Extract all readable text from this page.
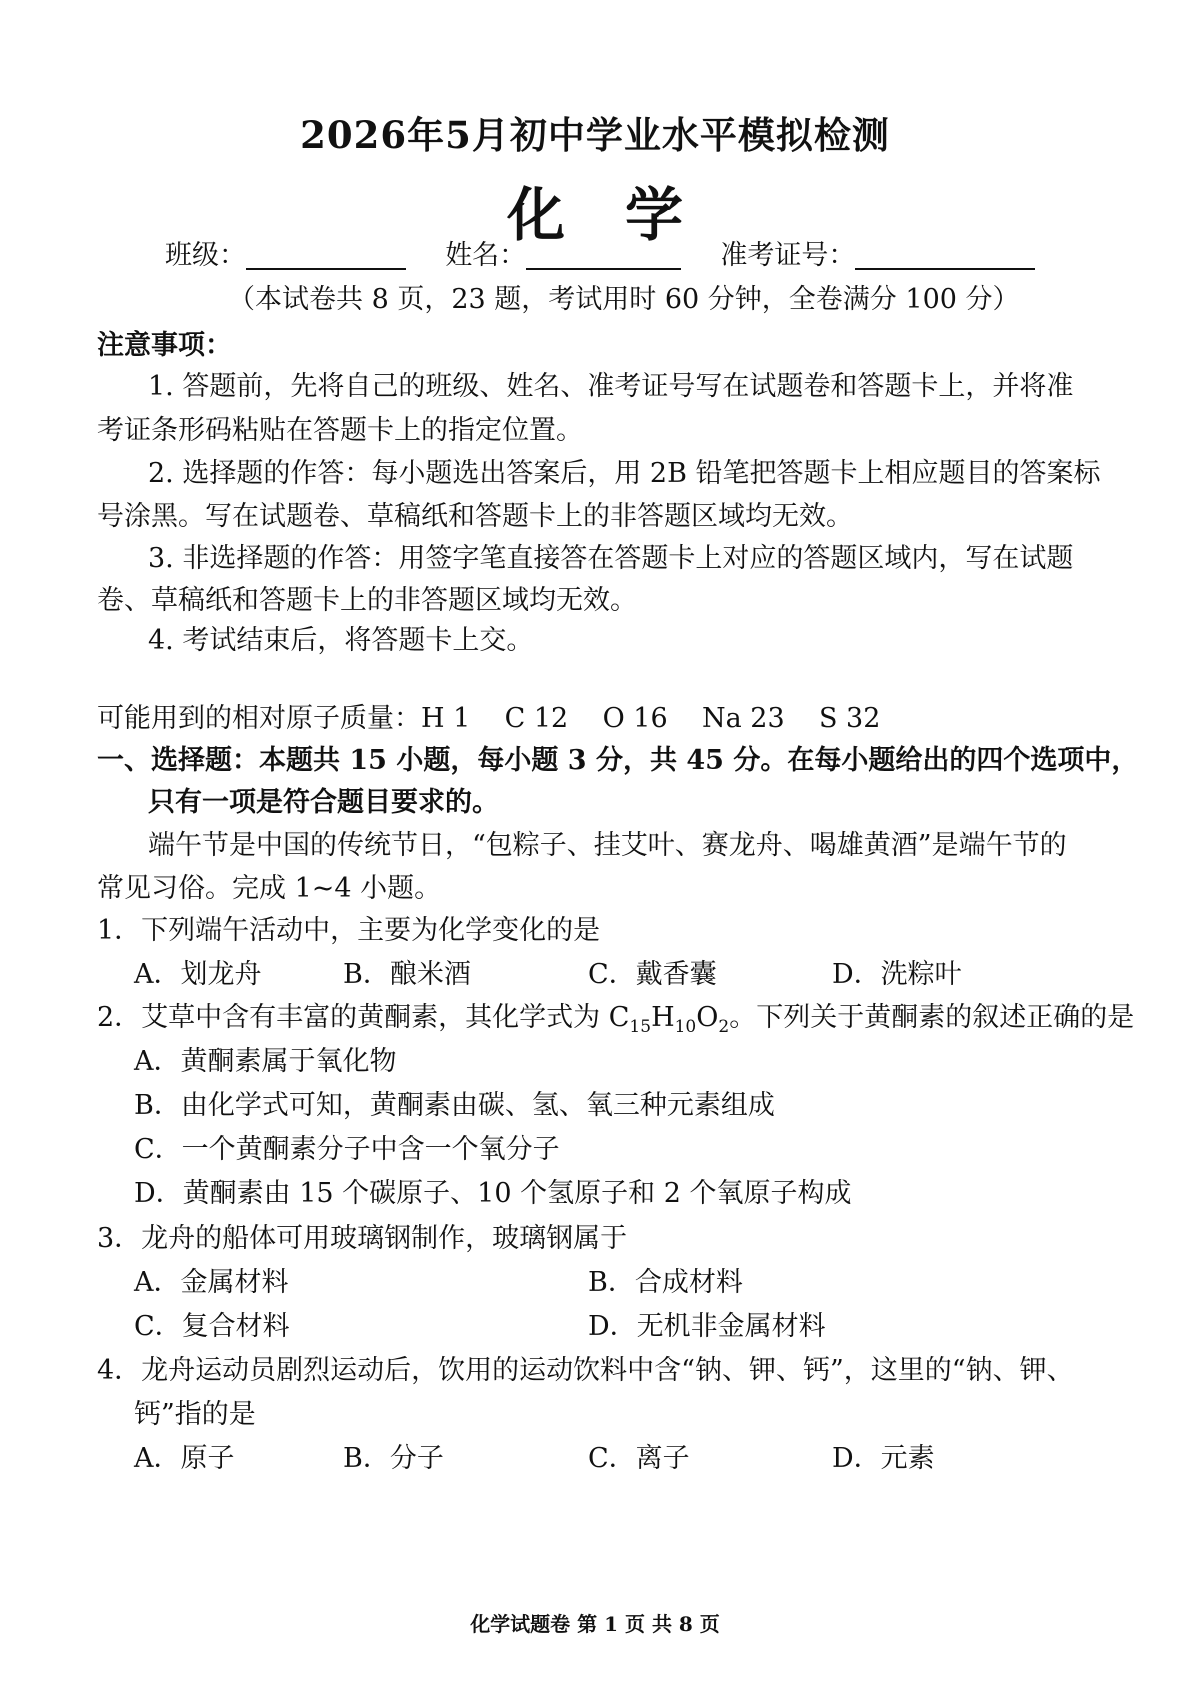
2026年5月初中学业水平模拟检测
化学
班级：	姓名：	准考证号：
（本试卷共 8 页，23 题，考试用时 60 分钟，全卷满分 100 分）
注意事项：
1. 答题前，先将自己的班级、姓名、准考证号写在试题卷和答题卡上，并将准
考证条形码粘贴在答题卡上的指定位置。
2. 选择题的作答：每小题选出答案后，用 2B 铅笔把答题卡上相应题目的答案标
号涂黑。写在试题卷、草稿纸和答题卡上的非答题区域均无效。
3. 非选择题的作答：用签字笔直接答在答题卡上对应的答题区域内，写在试题
卷、草稿纸和答题卡上的非答题区域均无效。
4. 考试结束后，将答题卡上交。
可能用到的相对原子质量：H 1    C 12    O 16    Na 23    S 32
一、选择题：本题共 15 小题，每小题 3 分，共 45 分。在每小题给出的四个选项中，
只有一项是符合题目要求的。
端午节是中国的传统节日，“包粽子、挂艾叶、赛龙舟、喝雄黄酒”是端午节的
常见习俗。完成 1~4 小题。
1．下列端午活动中，主要为化学变化的是
A．划龙舟	B．酿米酒	C．戴香囊	D．洗粽叶
2．艾草中含有丰富的黄酮素，其化学式为 $C_{15}H_{10}O_2$。下列关于黄酮素的叙述正确的是
A．黄酮素属于氧化物
B．由化学式可知，黄酮素由碳、氢、氧三种元素组成
C．一个黄酮素分子中含一个氧分子
D．黄酮素由 15 个碳原子、10 个氢原子和 2 个氧原子构成
3．龙舟的船体可用玻璃钢制作，玻璃钢属于
A．金属材料	B．合成材料
C．复合材料	D．无机非金属材料
4．龙舟运动员剧烈运动后，饮用的运动饮料中含“钠、钾、钙”，这里的“钠、钾、
钙”指的是
A．原子	B．分子	C．离子	D．元素
化学试题卷 第 1 页 共 8 页
